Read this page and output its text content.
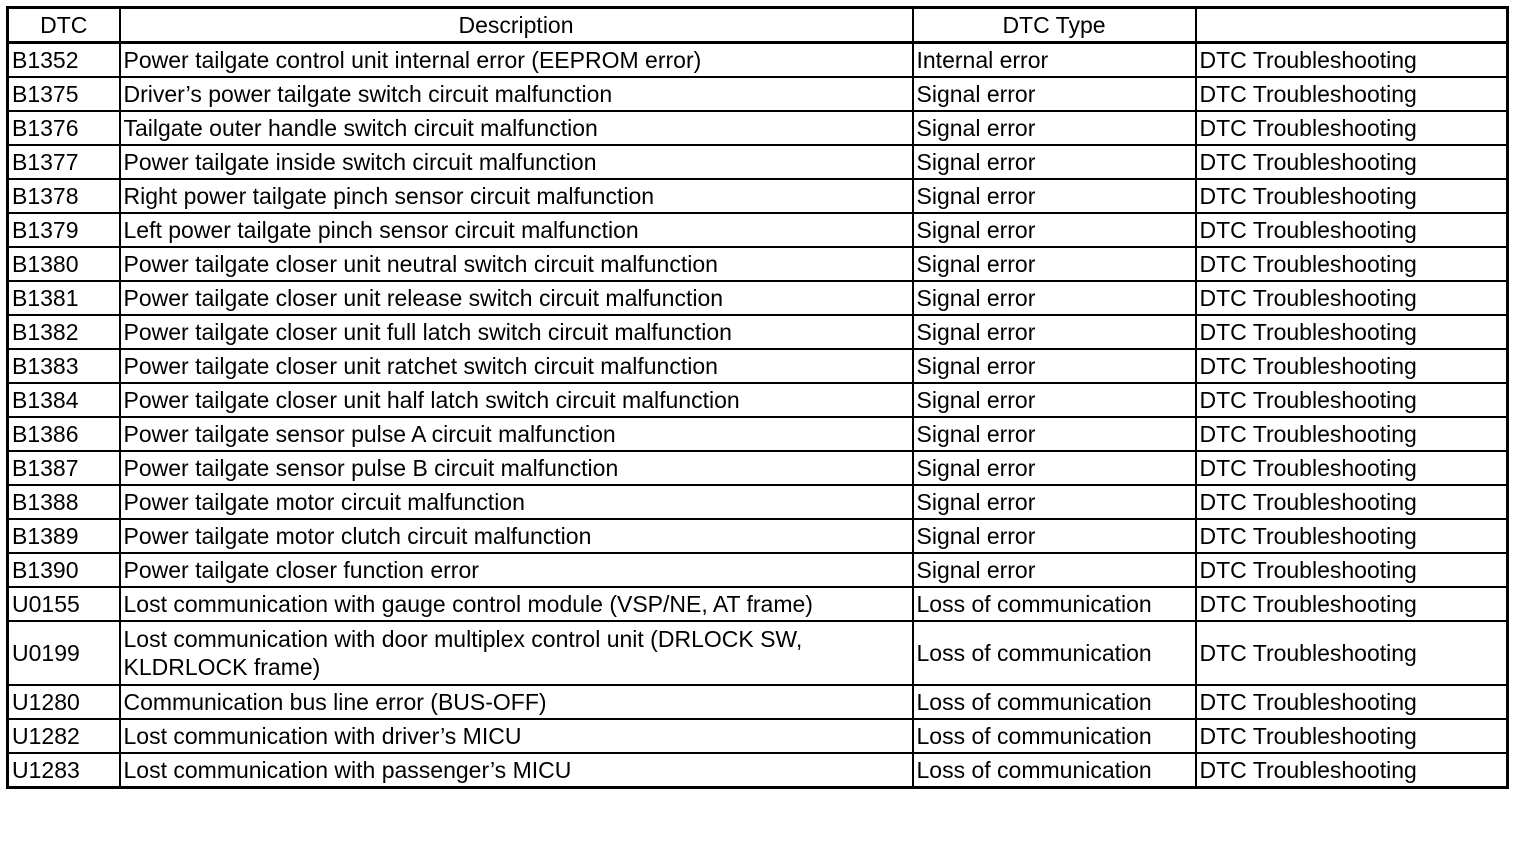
DTC	Description	DTC Type	
B1352	Power tailgate control unit internal error (EEPROM error)	Internal error	DTC Troubleshooting
B1375	Driver’s power tailgate switch circuit malfunction	Signal error	DTC Troubleshooting
B1376	Tailgate outer handle switch circuit malfunction	Signal error	DTC Troubleshooting
B1377	Power tailgate inside switch circuit malfunction	Signal error	DTC Troubleshooting
B1378	Right power tailgate pinch sensor circuit malfunction	Signal error	DTC Troubleshooting
B1379	Left power tailgate pinch sensor circuit malfunction	Signal error	DTC Troubleshooting
B1380	Power tailgate closer unit neutral switch circuit malfunction	Signal error	DTC Troubleshooting
B1381	Power tailgate closer unit release switch circuit malfunction	Signal error	DTC Troubleshooting
B1382	Power tailgate closer unit full latch switch circuit malfunction	Signal error	DTC Troubleshooting
B1383	Power tailgate closer unit ratchet switch circuit malfunction	Signal error	DTC Troubleshooting
B1384	Power tailgate closer unit half latch switch circuit malfunction	Signal error	DTC Troubleshooting
B1386	Power tailgate sensor pulse A circuit malfunction	Signal error	DTC Troubleshooting
B1387	Power tailgate sensor pulse B circuit malfunction	Signal error	DTC Troubleshooting
B1388	Power tailgate motor circuit malfunction	Signal error	DTC Troubleshooting
B1389	Power tailgate motor clutch circuit malfunction	Signal error	DTC Troubleshooting
B1390	Power tailgate closer function error	Signal error	DTC Troubleshooting
U0155	Lost communication with gauge control module (VSP/NE, AT frame)	Loss of communication	DTC Troubleshooting
U0199	Lost communication with door multiplex control unit (DRLOCK SW, KLDRLOCK frame)	Loss of communication	DTC Troubleshooting
U1280	Communication bus line error (BUS-OFF)	Loss of communication	DTC Troubleshooting
U1282	Lost communication with driver’s MICU	Loss of communication	DTC Troubleshooting
U1283	Lost communication with passenger’s MICU	Loss of communication	DTC Troubleshooting
